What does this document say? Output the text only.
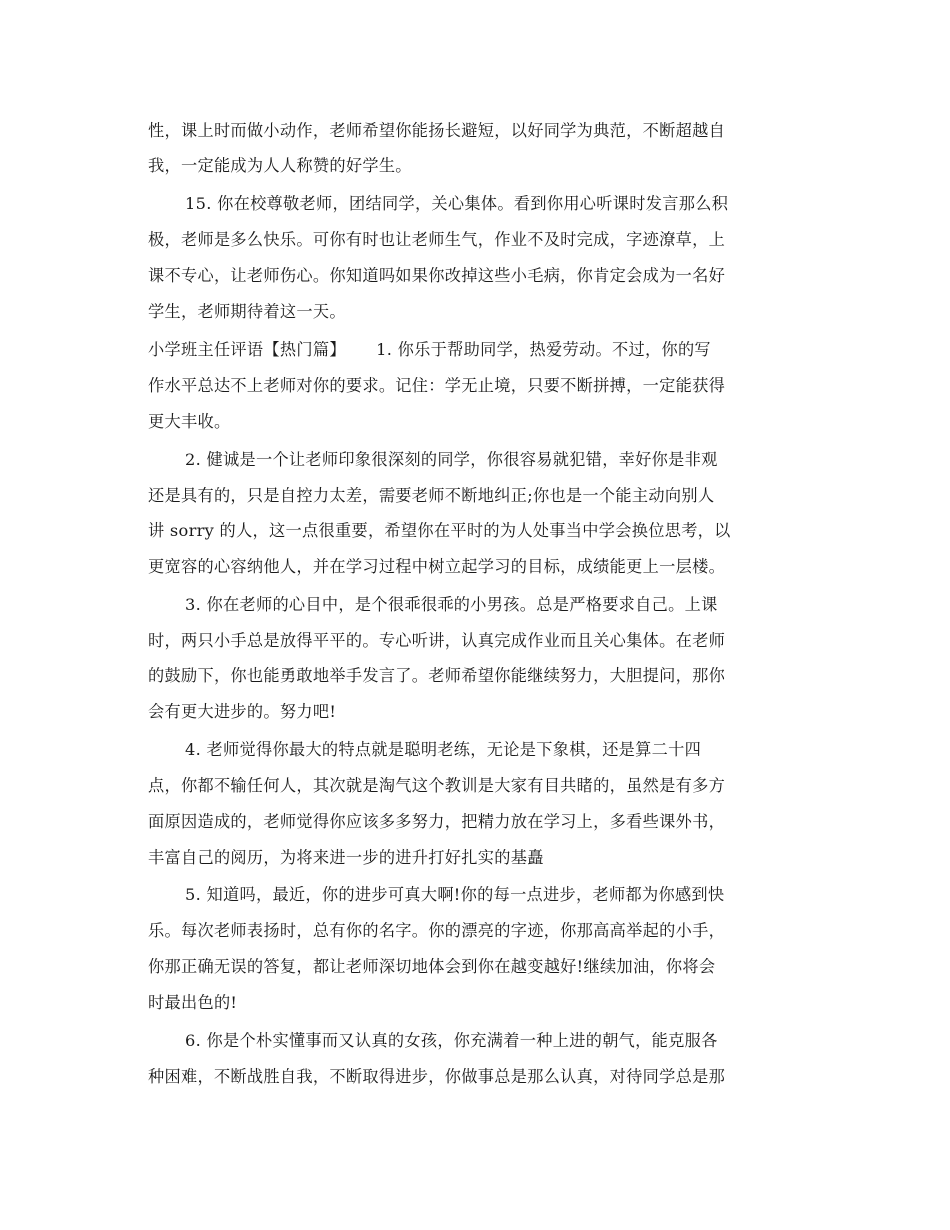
性，课上时而做小动作，老师希望你能扬长避短，以好同学为典范，不断超越自
我，一定能成为人人称赞的好学生。
15. 你在校尊敬老师，团结同学，关心集体。看到你用心听课时发言那么积
极，老师是多么快乐。可你有时也让老师生气，作业不及时完成，字迹潦草，上
课不专心，让老师伤心。你知道吗如果你改掉这些小毛病，你肯定会成为一名好
学生，老师期待着这一天。
小学班主任评语【热门篇】　　 1. 你乐于帮助同学，热爱劳动。不过，你的写
作水平总达不上老师对你的要求。记住：学无止境，只要不断拼搏，一定能获得
更大丰收。
2. 健诚是一个让老师印象很深刻的同学，你很容易就犯错，幸好你是非观
还是具有的，只是自控力太差，需要老师不断地纠正;你也是一个能主动向别人
讲 sorry 的人，这一点很重要，希望你在平时的为人处事当中学会换位思考，以
更宽容的心容纳他人，并在学习过程中树立起学习的目标，成绩能更上一层楼。
3. 你在老师的心目中，是个很乖很乖的小男孩。总是严格要求自己。上课
时，两只小手总是放得平平的。专心听讲，认真完成作业而且关心集体。在老师
的鼓励下，你也能勇敢地举手发言了。老师希望你能继续努力，大胆提问，那你
会有更大进步的。努力吧!
4. 老师觉得你最大的特点就是聪明老练，无论是下象棋，还是算二十四
点，你都不输任何人，其次就是淘气这个教训是大家有目共睹的，虽然是有多方
面原因造成的，老师觉得你应该多多努力，把精力放在学习上，多看些课外书，
丰富自己的阅历，为将来进一步的进升打好扎实的基矗
5. 知道吗，最近，你的进步可真大啊!你的每一点进步，老师都为你感到快
乐。每次老师表扬时，总有你的名字。你的漂亮的字迹，你那高高举起的小手，
你那正确无误的答复，都让老师深切地体会到你在越变越好!继续加油，你将会
时最出色的!
6. 你是个朴实懂事而又认真的女孩，你充满着一种上进的朝气，能克服各
种困难，不断战胜自我，不断取得进步，你做事总是那么认真，对待同学总是那
